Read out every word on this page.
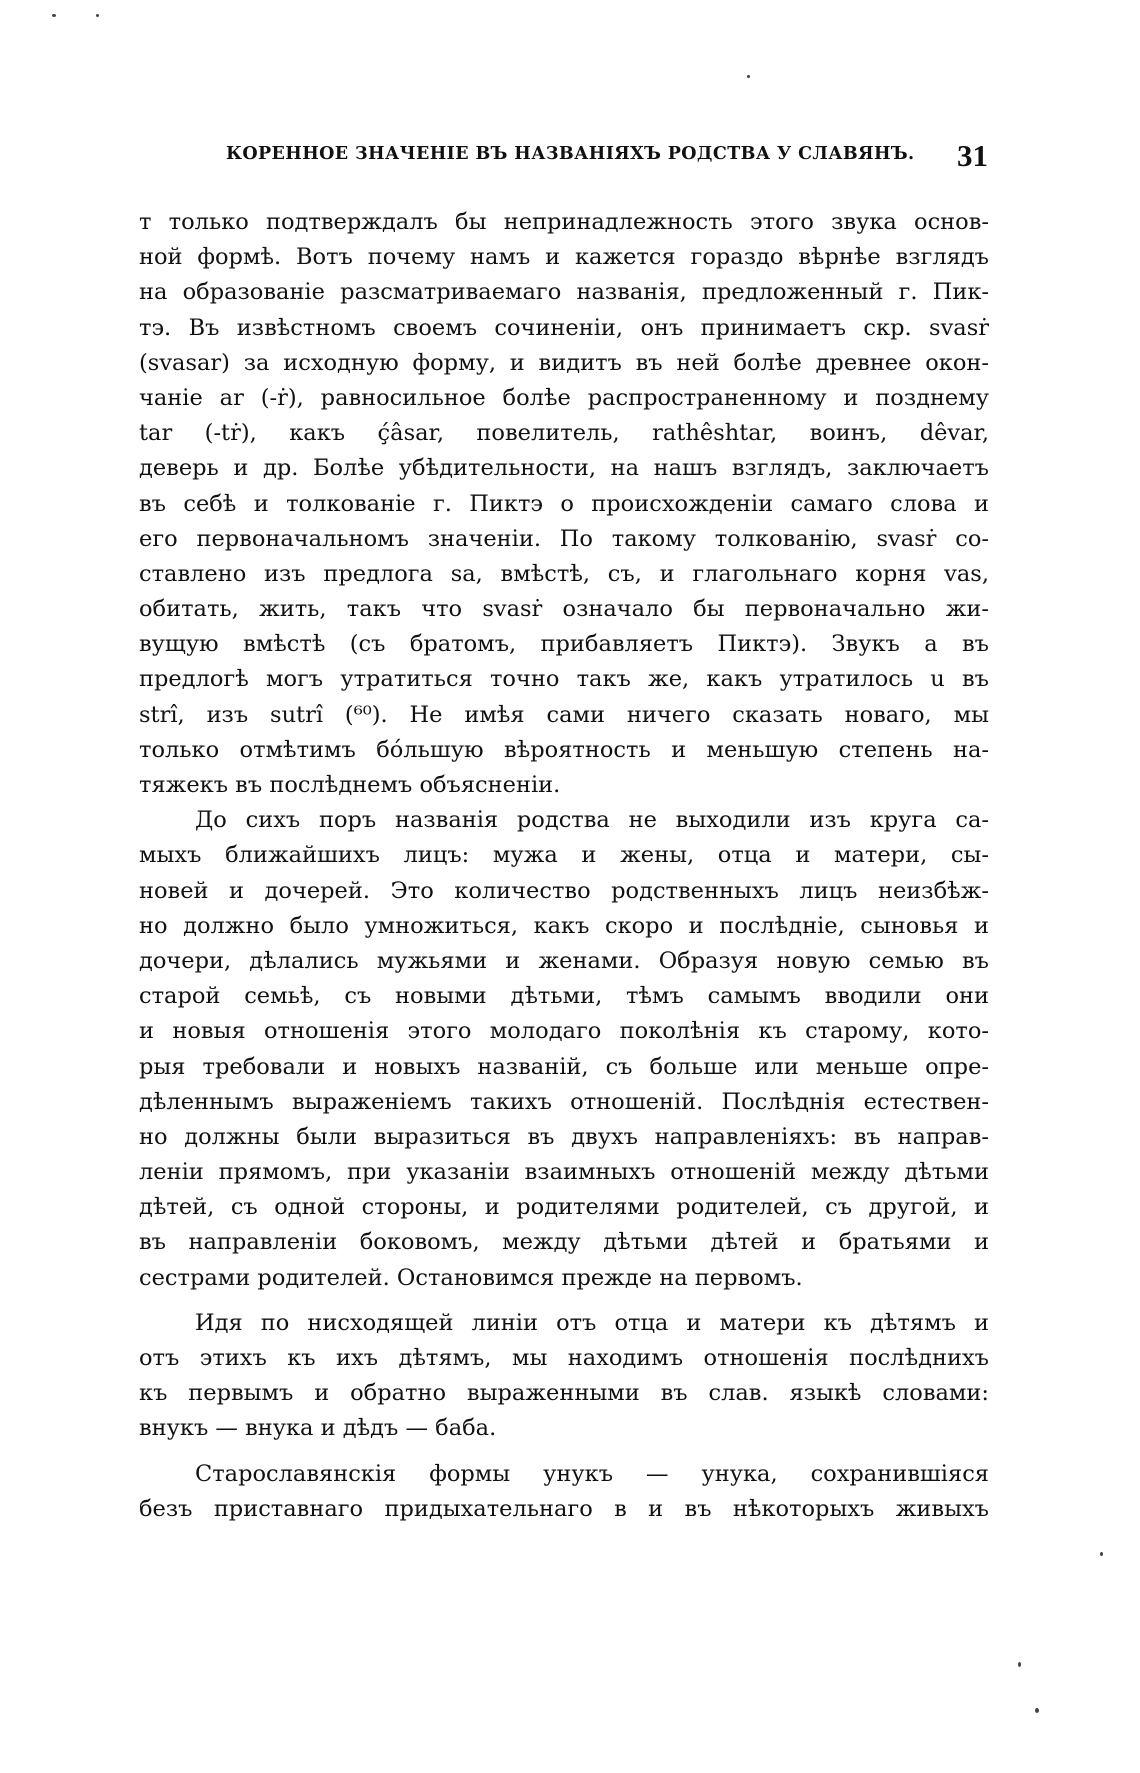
КОРЕННОЕ ЗНАЧЕНІЕ ВЪ НАЗВАНІЯХЪ РОДСТВА У СЛАВЯНЪ. 31
т только подтверждалъ бы непринадлежность этого звука основ-
ной формѣ. Вотъ почему намъ и кажется гораздо вѣрнѣе взглядъ
на образованіе разсматриваемаго названія, предложенный г. Пик-
тэ. Въ извѣстномъ своемъ сочиненіи, онъ принимаетъ скр. svasṙ
(svasar) за исходную форму, и видитъ въ ней болѣе древнее окон-
чаніе ar (-ṙ), равносильное болѣе распространенному и позднему
tar (-tṙ), какъ ḉâsar, повелитель, rathêshtar, воинъ, dêvar,
деверь и др. Болѣе убѣдительности, на нашъ взглядъ, заключаетъ
въ себѣ и толкованіе г. Пиктэ о происхожденіи самаго слова и
его первоначальномъ значеніи. По такому толкованію, svasṙ со-
ставлено изъ предлога sa, вмѣстѣ, съ, и глагольнаго корня vas,
обитать, жить, такъ что svasṙ означало бы первоначально жи-
вущую вмѣстѣ (съ братомъ, прибавляетъ Пиктэ). Звукъ a въ
предлогѣ могъ утратиться точно такъ же, какъ утратилось u въ
strî, изъ sutrî (⁶⁰). Не имѣя сами ничего сказать новаго, мы
только отмѣтимъ бо́льшую вѣроятность и меньшую степень на-
тяжекъ въ послѣднемъ объясненіи.
До сихъ поръ названія родства не выходили изъ круга са-
мыхъ ближайшихъ лицъ: мужа и жены, отца и матери, сы-
новей и дочерей. Это количество родственныхъ лицъ неизбѣж-
но должно было умножиться, какъ скоро и послѣдніе, сыновья и
дочери, дѣлались мужьями и женами. Образуя новую семью въ
старой семьѣ, съ новыми дѣтьми, тѣмъ самымъ вводили они
и новыя отношенія этого молодаго поколѣнія къ старому, кото-
рыя требовали и новыхъ названій, съ больше или меньше опре-
дѣленнымъ выраженіемъ такихъ отношеній. Послѣднія естествен-
но должны были выразиться въ двухъ направленіяхъ: въ направ-
леніи прямомъ, при указаніи взаимныхъ отношеній между дѣтьми
дѣтей, съ одной стороны, и родителями родителей, съ другой, и
въ направленіи боковомъ, между дѣтьми дѣтей и братьями и
сестрами родителей. Остановимся прежде на первомъ.
Идя по нисходящей линіи отъ отца и матери къ дѣтямъ и
отъ этихъ къ ихъ дѣтямъ, мы находимъ отношенія послѣднихъ
къ первымъ и обратно выраженными въ слав. языкѣ словами:
внукъ — внука и дѣдъ — баба.
Старославянскія формы унукъ — унука, сохранившіяся
безъ приставнаго придыхательнаго в и въ нѣкоторыхъ живыхъ
